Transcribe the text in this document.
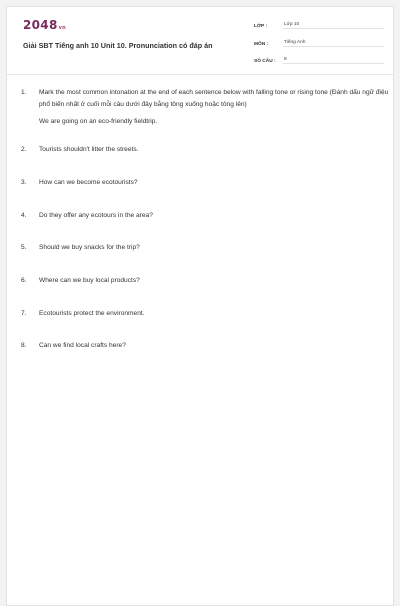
2048vn
Giải SBT Tiếng anh 10 Unit 10. Pronunciation có đáp án
LỚP :	Lớp 10
MÔN :	Tiếng Anh
SỐ CÂU :	8
1.	Mark the most common intonation at the end of each sentence below with falling tone or rising tone (Đánh dấu ngữ điệu phổ biến nhất ở cuối mỗi câu dưới đây bằng tông xuống hoặc tông lên)
We are going on an eco-friendly fieldtrip.
2.	Tourists shouldn't litter the streets.
3.	How can we become ecotourists?
4.	Do they offer any ecotours in the area?
5.	Should we buy snacks for the trip?
6.	Where can we buy local products?
7.	Ecotourists protect the environment.
8.	Can we find local crafts here?
